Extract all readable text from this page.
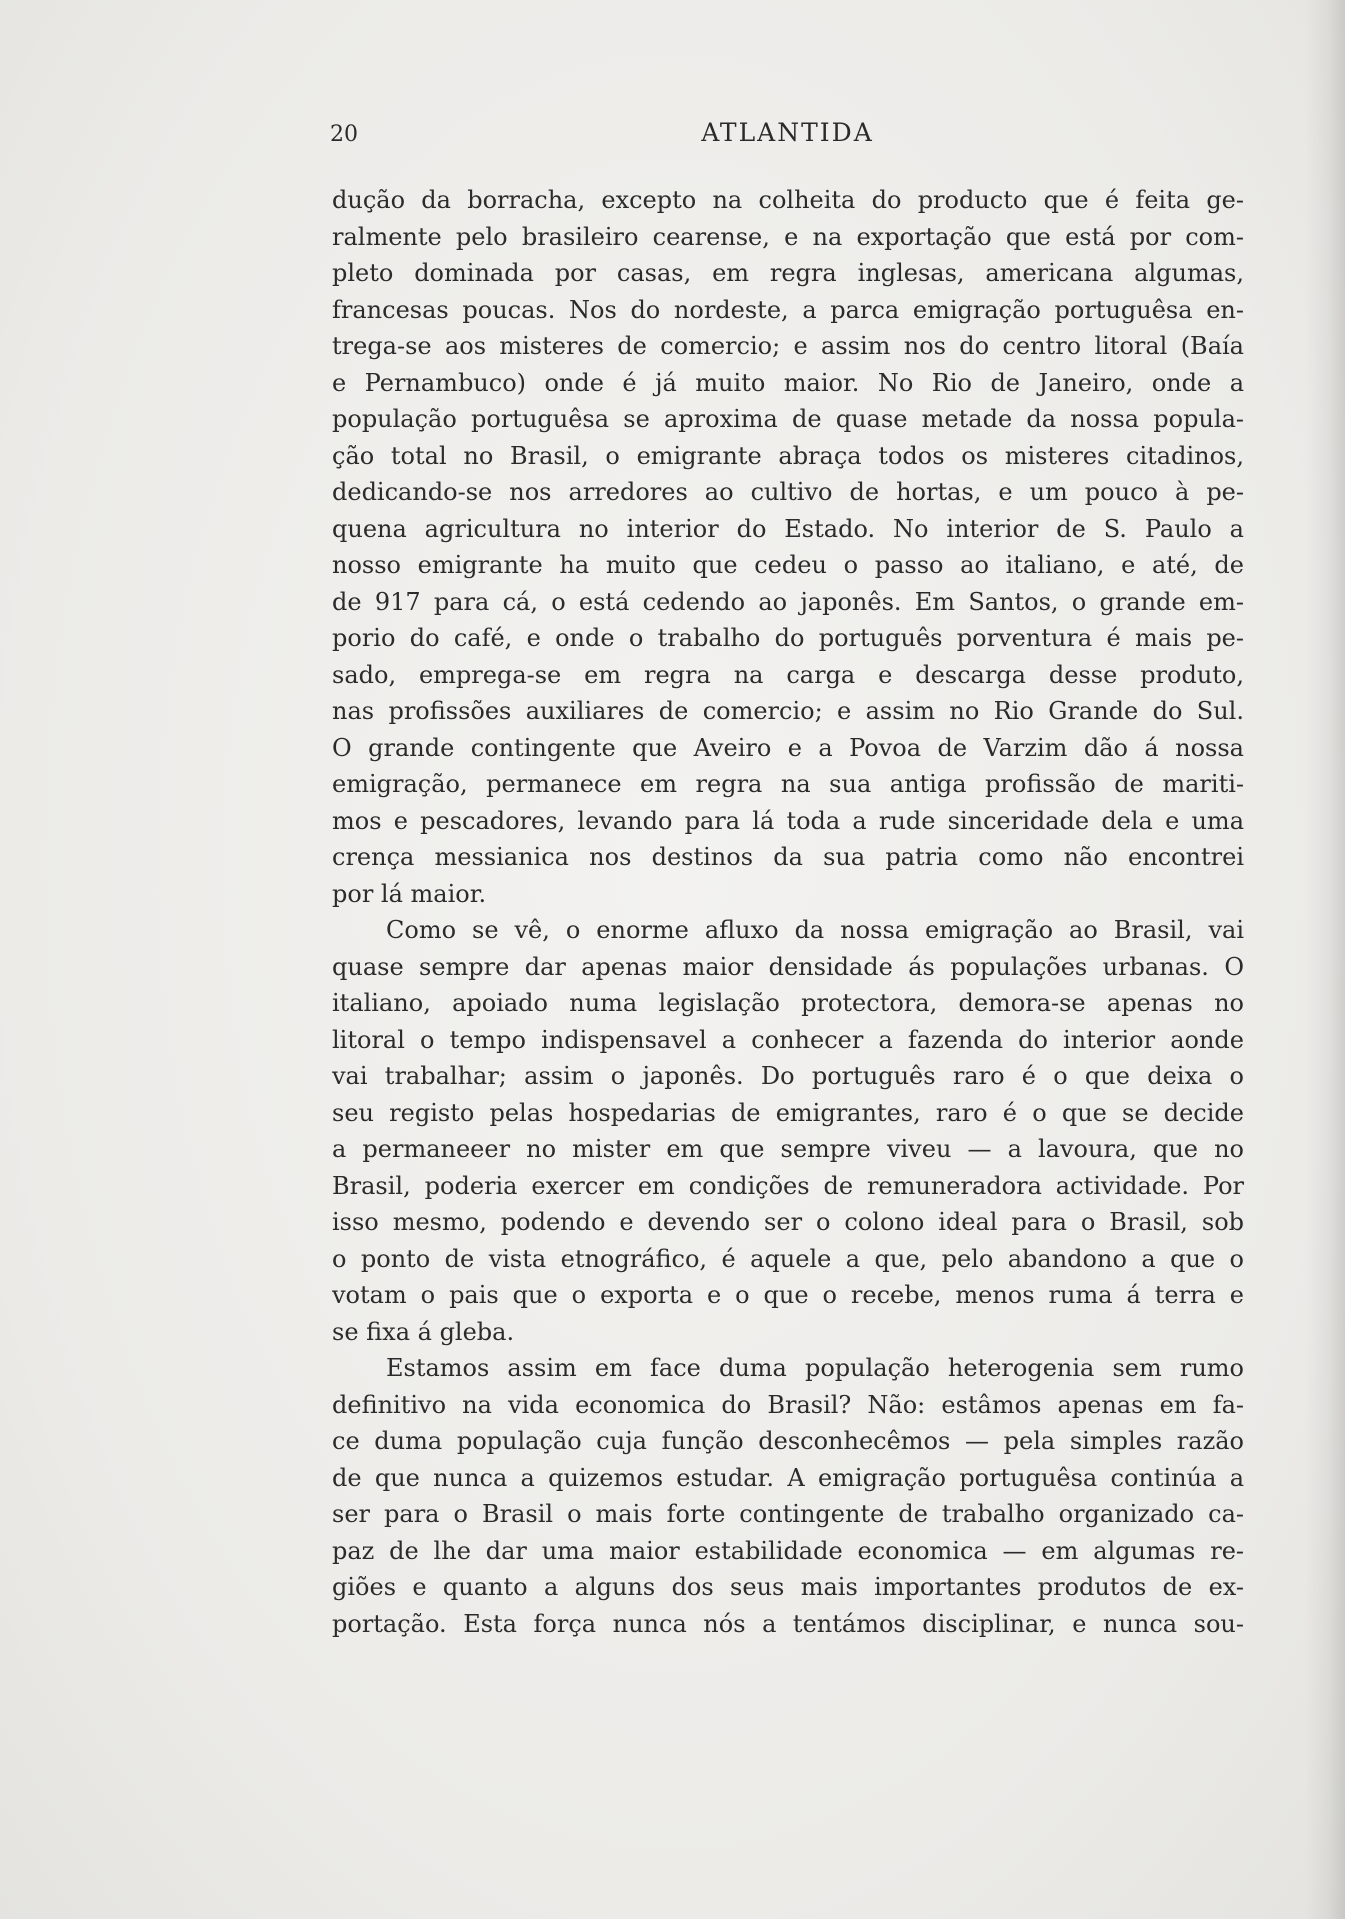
20	ATLANTIDA
dução da borracha, excepto na colheita do producto que é feita ge-
ralmente pelo brasileiro cearense, e na exportação que está por com-
pleto dominada por casas, em regra inglesas, americana algumas,
francesas poucas. Nos do nordeste, a parca emigração portuguêsa en-
trega-se aos misteres de comercio; e assim nos do centro litoral (Baía
e Pernambuco) onde é já muito maior. No Rio de Janeiro, onde a
população portuguêsa se aproxima de quase metade da nossa popula-
ção total no Brasil, o emigrante abraça todos os misteres citadinos,
dedicando-se nos arredores ao cultivo de hortas, e um pouco à pe-
quena agricultura no interior do Estado. No interior de S. Paulo a
nosso emigrante ha muito que cedeu o passo ao italiano, e até, de
de 917 para cá, o está cedendo ao japonês. Em Santos, o grande em-
porio do café, e onde o trabalho do português porventura é mais pe-
sado, emprega-se em regra na carga e descarga desse produto,
nas profissões auxiliares de comercio; e assim no Rio Grande do Sul.
O grande contingente que Aveiro e a Povoa de Varzim dão á nossa
emigração, permanece em regra na sua antiga profissão de mariti-
mos e pescadores, levando para lá toda a rude sinceridade dela e uma
crença messianica nos destinos da sua patria como não encontrei
por lá maior.
Como se vê, o enorme afluxo da nossa emigração ao Brasil, vai
quase sempre dar apenas maior densidade ás populações urbanas. O
italiano, apoiado numa legislação protectora, demora-se apenas no
litoral o tempo indispensavel a conhecer a fazenda do interior aonde
vai trabalhar; assim o japonês. Do português raro é o que deixa o
seu registo pelas hospedarias de emigrantes, raro é o que se decide
a permaneeer no mister em que sempre viveu — a lavoura, que no
Brasil, poderia exercer em condições de remuneradora actividade. Por
isso mesmo, podendo e devendo ser o colono ideal para o Brasil, sob
o ponto de vista etnográfico, é aquele a que, pelo abandono a que o
votam o pais que o exporta e o que o recebe, menos ruma á terra e
se fixa á gleba.
Estamos assim em face duma população heterogenia sem rumo
definitivo na vida economica do Brasil? Não: estâmos apenas em fa-
ce duma população cuja função desconhecêmos — pela simples razão
de que nunca a quizemos estudar. A emigração portuguêsa continúa a
ser para o Brasil o mais forte contingente de trabalho organizado ca-
paz de lhe dar uma maior estabilidade economica — em algumas re-
giões e quanto a alguns dos seus mais importantes produtos de ex-
portação. Esta força nunca nós a tentámos disciplinar, e nunca sou-
